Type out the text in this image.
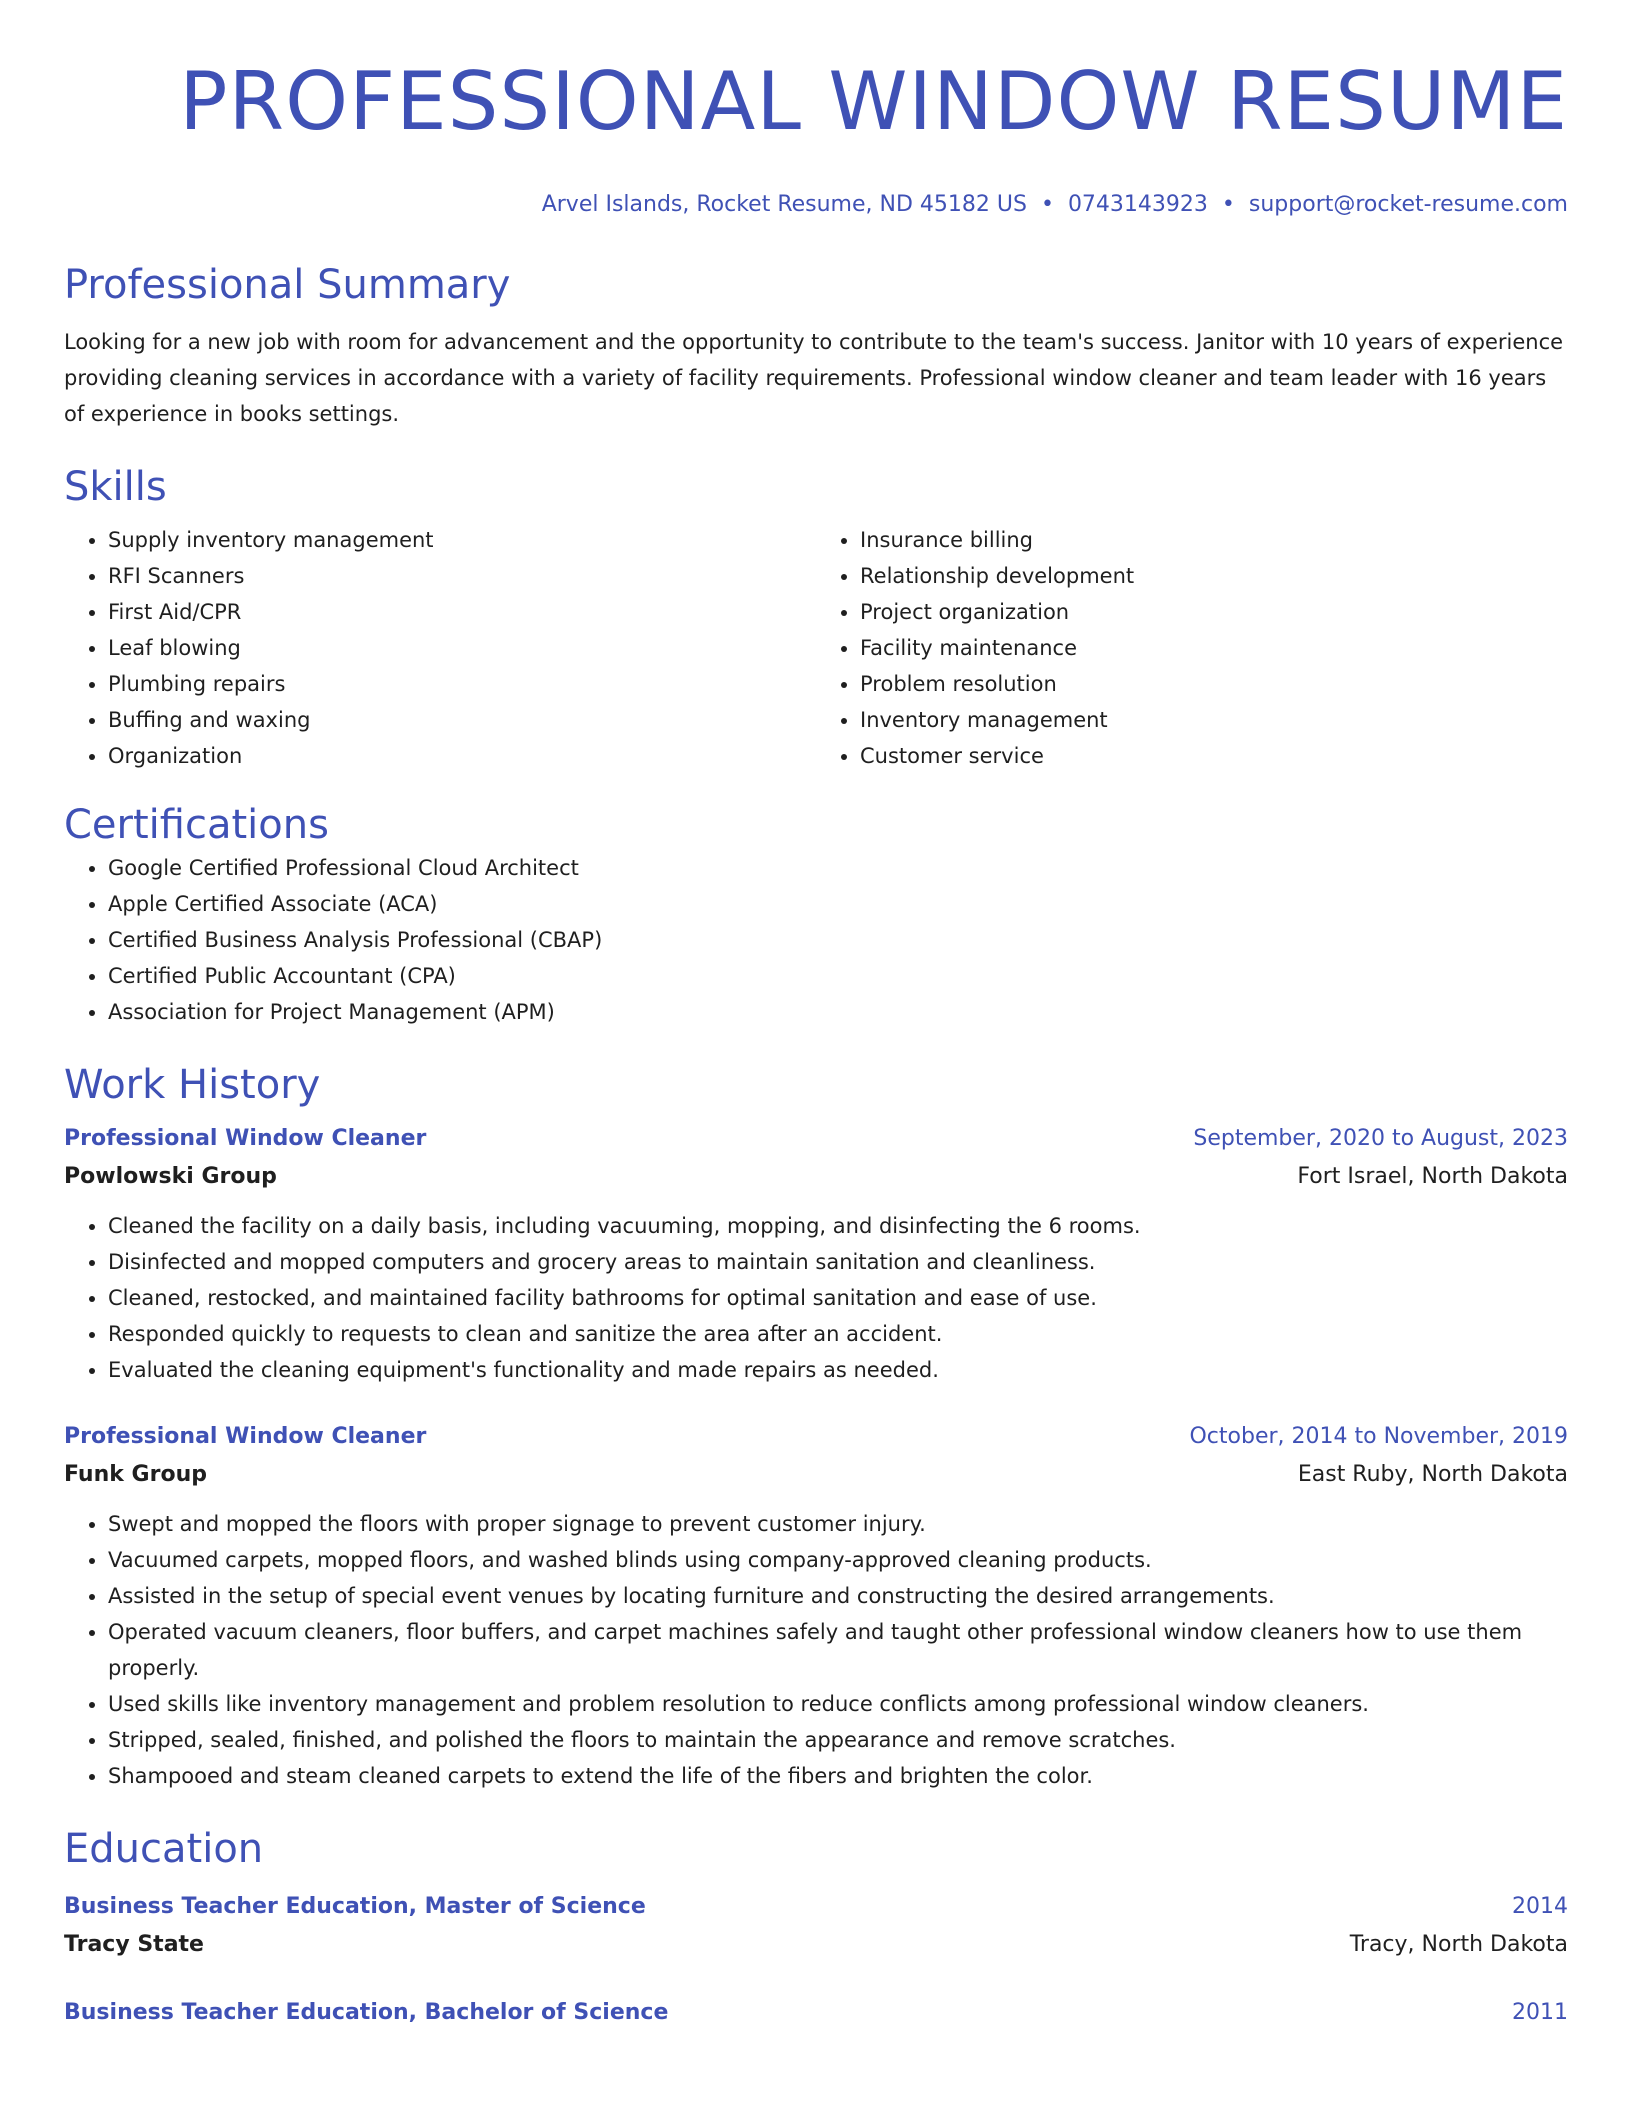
PROFESSIONAL WINDOW RESUME
Arvel Islands, Rocket Resume, ND 45182 US • 0743143923 • support@rocket-resume.com
Professional Summary

Looking for a new job with room for advancement and the opportunity to contribute to the team's success. Janitor with 10 years of experience providing cleaning services in accordance with a variety of facility requirements. Professional window cleaner and team leader with 16 years of experience in books settings.

Skills
• Supply inventory management
• RFI Scanners
• First Aid/CPR
• Leaf blowing
• Plumbing repairs
• Buffing and waxing
• Organization
• Insurance billing
• Relationship development
• Project organization
• Facility maintenance
• Problem resolution
• Inventory management
• Customer service
Certifications
• Google Certified Professional Cloud Architect
• Apple Certified Associate (ACA)
• Certified Business Analysis Professional (CBAP)
• Certified Public Accountant (CPA)
• Association for Project Management (APM)
Work History
Professional Window Cleaner	September, 2020 to August, 2023
Powlowski Group	Fort Israel, North Dakota
• Cleaned the facility on a daily basis, including vacuuming, mopping, and disinfecting the 6 rooms.
• Disinfected and mopped computers and grocery areas to maintain sanitation and cleanliness.
• Cleaned, restocked, and maintained facility bathrooms for optimal sanitation and ease of use.
• Responded quickly to requests to clean and sanitize the area after an accident.
• Evaluated the cleaning equipment's functionality and made repairs as needed.
Professional Window Cleaner	October, 2014 to November, 2019
Funk Group	East Ruby, North Dakota
• Swept and mopped the floors with proper signage to prevent customer injury.
• Vacuumed carpets, mopped floors, and washed blinds using company-approved cleaning products.
• Assisted in the setup of special event venues by locating furniture and constructing the desired arrangements.
• Operated vacuum cleaners, floor buffers, and carpet machines safely and taught other professional window cleaners how to use them properly.
• Used skills like inventory management and problem resolution to reduce conflicts among professional window cleaners.
• Stripped, sealed, finished, and polished the floors to maintain the appearance and remove scratches.
• Shampooed and steam cleaned carpets to extend the life of the fibers and brighten the color.
Education
Business Teacher Education, Master of Science	2014
Tracy State	Tracy, North Dakota
Business Teacher Education, Bachelor of Science	2011
